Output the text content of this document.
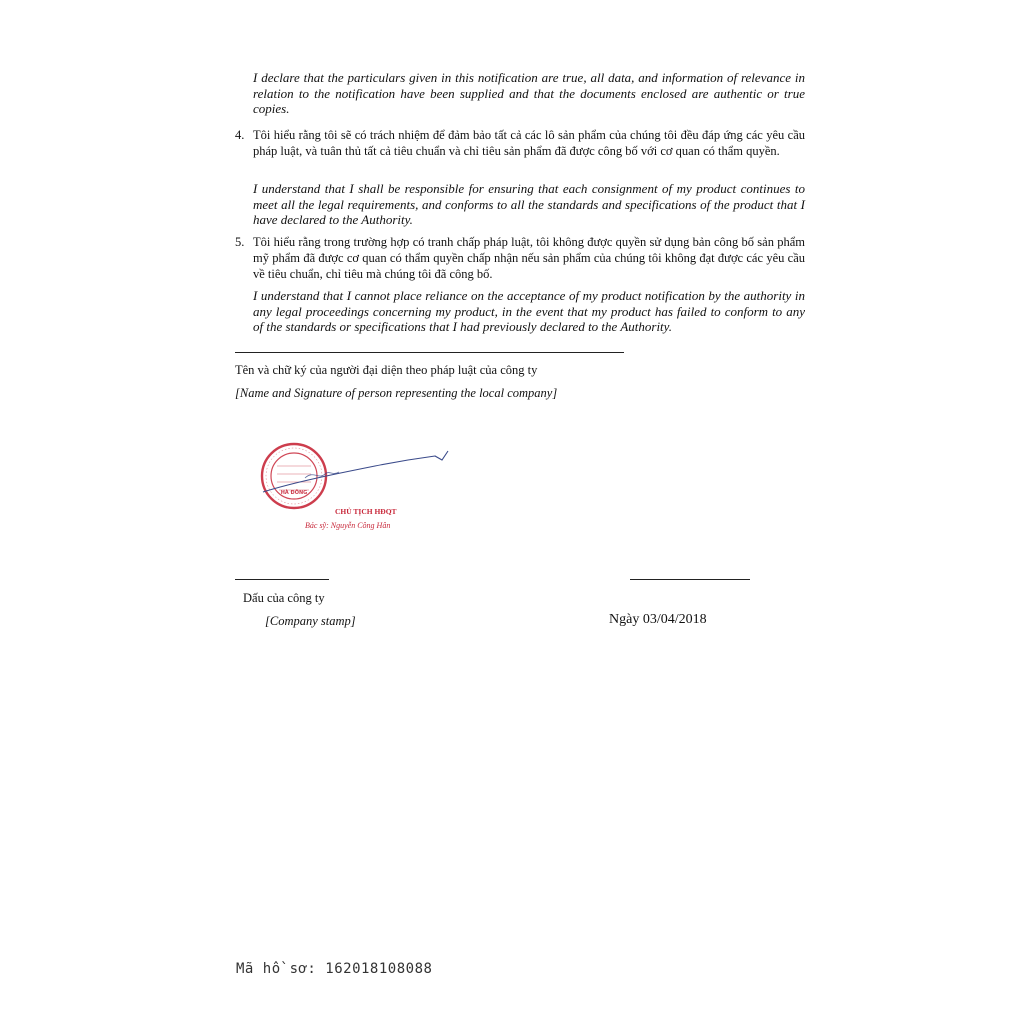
I declare that the particulars given in this notification are true, all data, and information of relevance in relation to the notification have been supplied and that the documents enclosed are authentic or true copies.
4. Tôi hiểu rằng tôi sẽ có trách nhiệm để đảm bảo tất cả các lô sản phẩm của chúng tôi đều đáp ứng các yêu cầu pháp luật, và tuân thủ tất cả tiêu chuẩn và chỉ tiêu sản phẩm đã được công bố với cơ quan có thẩm quyền.
I understand that I shall be responsible for ensuring that each consignment of my product continues to meet all the legal requirements, and conforms to all the standards and specifications of the product that I have declared to the Authority.
5. Tôi hiểu rằng trong trường hợp có tranh chấp pháp luật, tôi không được quyền sử dụng bản công bố sản phẩm mỹ phẩm đã được cơ quan có thẩm quyền chấp nhận nếu sản phẩm của chúng tôi không đạt được các yêu cầu về tiêu chuẩn, chỉ tiêu mà chúng tôi đã công bố.
I understand that I cannot place reliance on the acceptance of my product notification by the authority in any legal proceedings concerning my product, in the event that my product has failed to conform to any of the standards or specifications that I had previously declared to the Authority.
Tên và chữ ký của người đại diện theo pháp luật của công ty
[Name and Signature of person representing the local company]
HÀ ĐÔNG
CHỦ TỊCH HĐQT
Bác sỹ: Nguyễn Công Hân
Dấu của công ty
[Company stamp]	Ngày 03/04/2018
Mã hồ sơ: 162018108088
